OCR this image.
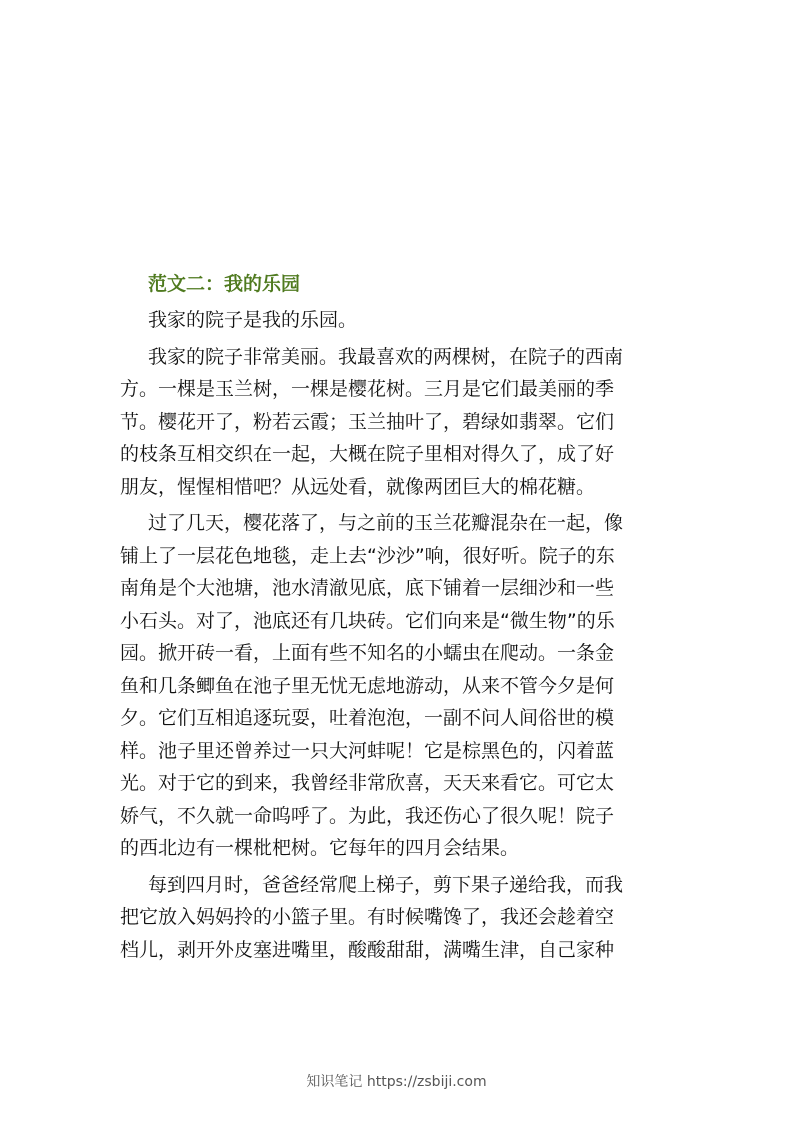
范文二：我的乐园
我家的院子是我的乐园。
我家的院子非常美丽。我最喜欢的两棵树，在院子的西南
方。一棵是玉兰树，一棵是樱花树。三月是它们最美丽的季
节。樱花开了，粉若云霞；玉兰抽叶了，碧绿如翡翠。它们
的枝条互相交织在一起，大概在院子里相对得久了，成了好
朋友，惺惺相惜吧？从远处看，就像两团巨大的棉花糖。
过了几天，樱花落了，与之前的玉兰花瓣混杂在一起，像
铺上了一层花色地毯，走上去“沙沙”响，很好听。院子的东
南角是个大池塘，池水清澈见底，底下铺着一层细沙和一些
小石头。对了，池底还有几块砖。它们向来是“微生物”的乐
园。掀开砖一看，上面有些不知名的小蠕虫在爬动。一条金
鱼和几条鲫鱼在池子里无忧无虑地游动，从来不管今夕是何
夕。它们互相追逐玩耍，吐着泡泡，一副不问人间俗世的模
样。池子里还曾养过一只大河蚌呢！它是棕黑色的，闪着蓝
光。对于它的到来，我曾经非常欣喜，天天来看它。可它太
娇气，不久就一命呜呼了。为此，我还伤心了很久呢！院子
的西北边有一棵枇杷树。它每年的四月会结果。
每到四月时，爸爸经常爬上梯子，剪下果子递给我，而我
把它放入妈妈拎的小篮子里。有时候嘴馋了，我还会趁着空
档儿，剥开外皮塞进嘴里，酸酸甜甜，满嘴生津，自己家种
知识笔记 https://zsbiji.com
